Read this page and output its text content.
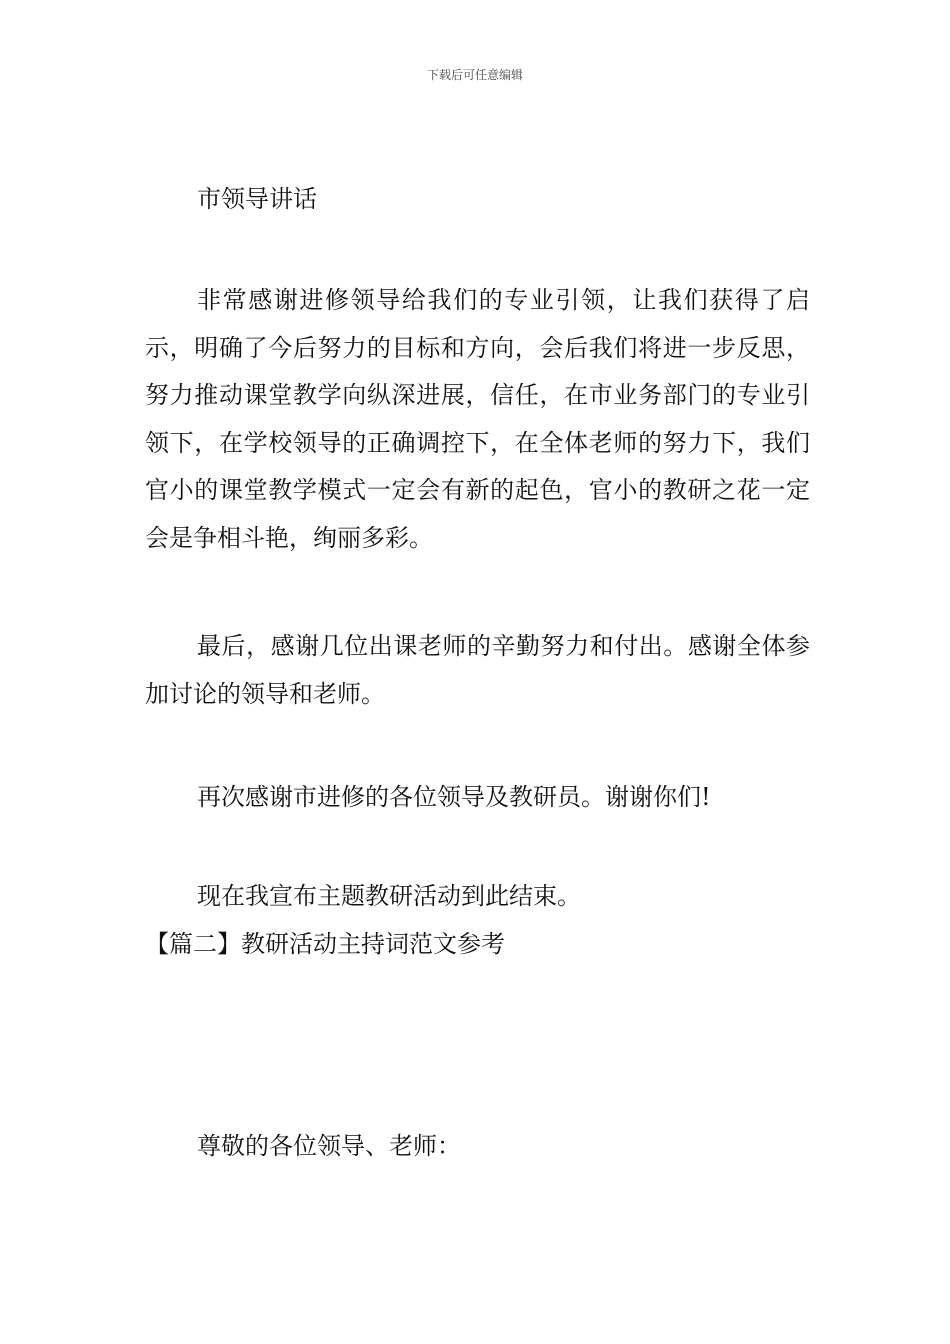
下载后可任意编辑

市领导讲话

非常感谢进修领导给我们的专业引领，让我们获得了启示，明确了今后努力的目标和方向，会后我们将进一步反思，努力推动课堂教学向纵深进展，信任，在市业务部门的专业引领下，在学校领导的正确调控下，在全体老师的努力下，我们官小的课堂教学模式一定会有新的起色，官小的教研之花一定会是争相斗艳，绚丽多彩。

最后，感谢几位出课老师的辛勤努力和付出。感谢全体参加讨论的领导和老师。

再次感谢市进修的各位领导及教研员。谢谢你们!

现在我宣布主题教研活动到此结束。

【篇二】教研活动主持词范文参考

尊敬的各位领导、老师：
